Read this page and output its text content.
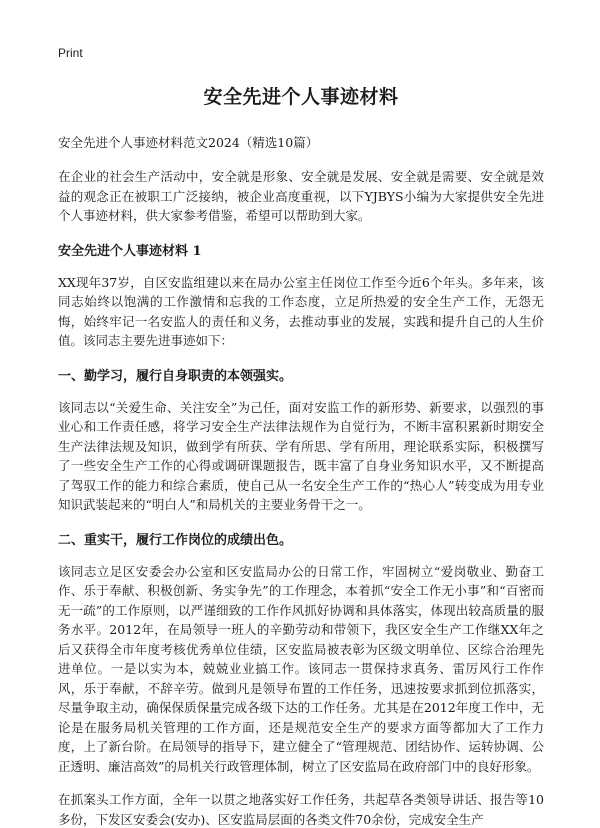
Print
安全先进个人事迹材料
安全先进个人事迹材料范文2024（精选10篇）

在企业的社会生产活动中，安全就是形象、安全就是发展、安全就是需要、安全就是效益的观念正在被职工广泛接纳，被企业高度重视，以下YJBYS小编为大家提供安全先进个人事迹材料，供大家参考借鉴，希望可以帮助到大家。

安全先进个人事迹材料 1

XX现年37岁，自区安监组建以来在局办公室主任岗位工作至今近6个年头。多年来，该同志始终以饱满的工作激情和忘我的工作态度，立足所热爱的安全生产工作，无怨无悔，始终牢记一名安监人的责任和义务，去推动事业的发展，实践和提升自己的人生价值。该同志主要先进事迹如下：

一、勤学习，履行自身职责的本领强实。

该同志以“关爱生命、关注安全”为己任，面对安监工作的新形势、新要求，以强烈的事业心和工作责任感，将学习安全生产法律法规作为自觉行为，不断丰富积累新时期安全生产法律法规及知识，做到学有所获、学有所思、学有所用，理论联系实际，积极撰写了一些安全生产工作的心得或调研课题报告，既丰富了自身业务知识水平，又不断提高了驾驭工作的能力和综合素质，使自己从一名安全生产工作的“热心人”转变成为用专业知识武装起来的“明白人”和局机关的主要业务骨干之一。

二、重实干，履行工作岗位的成绩出色。

该同志立足区安委会办公室和区安监局办公的日常工作，牢固树立“爱岗敬业、勤奋工作、乐于奉献、积极创新、务实争先”的工作理念，本着抓“安全工作无小事”和“百密而无一疏”的工作原则，以严谨细致的工作作风抓好协调和具体落实，体现出较高质量的服务水平。2012年，在局领导一班人的辛勤劳动和带领下，我区安全生产工作继XX年之后又获得全市年度考核优秀单位佳绩，区安监局被表彰为区级文明单位、区综合治理先进单位。一是以实为本，兢兢业业搞工作。该同志一贯保持求真务、雷厉风行工作作风，乐于奉献，不辞辛劳。做到凡是领导布置的工作任务，迅速按要求抓到位抓落实，尽量争取主动，确保保质保量完成各级下达的工作任务。尤其是在2012年度工作中，无论是在服务局机关管理的工作方面，还是规范安全生产的要求方面等都加大了工作力度，上了新台阶。在局领导的指导下，建立健全了“管理规范、团结协作、运转协调、公正透明、廉洁高效”的局机关行政管理体制，树立了区安监局在政府部门中的良好形象。

在抓案头工作方面，全年一以贯之地落实好工作任务，共起草各类领导讲话、报告等10多份，下发区安委会(安办)、区安监局层面的各类文件70余份，完成安全生产
